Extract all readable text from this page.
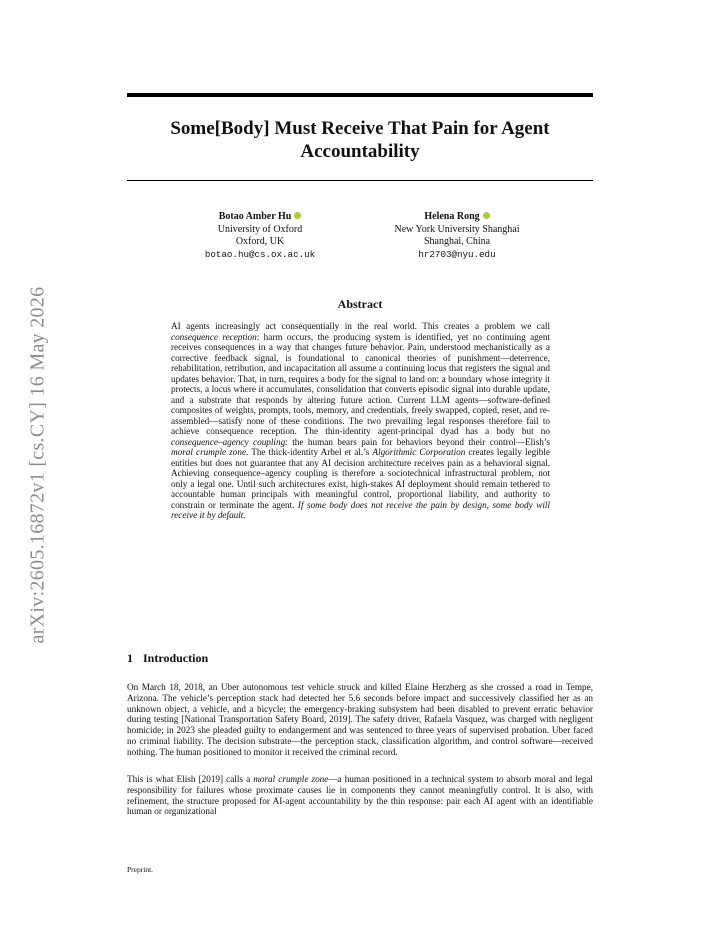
arXiv:2605.16872v1 [cs.CY] 16 May 2026
Some[Body] Must Receive That Pain for Agent Accountability
Botao Amber Hu
University of Oxford
Oxford, UK
botao.hu@cs.ox.ac.uk
Helena Rong
New York University Shanghai
Shanghai, China
hr2703@nyu.edu
Abstract
AI agents increasingly act consequentially in the real world. This creates a problem we call consequence reception: harm occurs, the producing system is identified, yet no continuing agent receives consequences in a way that changes future behavior. Pain, understood mechanistically as a corrective feedback signal, is foundational to canonical theories of punishment—deterrence, rehabilitation, retribution, and incapacitation all assume a continuing locus that registers the signal and updates behavior. That, in turn, requires a body for the signal to land on: a boundary whose integrity it protects, a locus where it accumulates, consolidation that converts episodic signal into durable update, and a substrate that responds by altering future action. Current LLM agents—software-defined composites of weights, prompts, tools, memory, and credentials, freely swapped, copied, reset, and re-assembled—satisfy none of these conditions. The two prevailing legal responses therefore fail to achieve consequence reception. The thin-identity agent-principal dyad has a body but no consequence–agency coupling: the human bears pain for behaviors beyond their control—Elish’s moral crumple zone. The thick-identity Arbel et al.’s Algorithmic Corporation creates legally legible entities but does not guarantee that any AI decision architecture receives pain as a behavioral signal. Achieving consequence–agency coupling is therefore a sociotechnical infrastructural problem, not only a legal one. Until such architectures exist, high-stakes AI deployment should remain tethered to accountable human principals with meaningful control, proportional liability, and authority to constrain or terminate the agent. If some body does not receive the pain by design, some body will receive it by default.
1 Introduction
On March 18, 2018, an Uber autonomous test vehicle struck and killed Elaine Herzberg as she crossed a road in Tempe, Arizona. The vehicle’s perception stack had detected her 5.6 seconds before impact and successively classified her as an unknown object, a vehicle, and a bicycle; the emergency-braking subsystem had been disabled to prevent erratic behavior during testing [National Transportation Safety Board, 2019]. The safety driver, Rafaela Vasquez, was charged with negligent homicide; in 2023 she pleaded guilty to endangerment and was sentenced to three years of supervised probation. Uber faced no criminal liability. The decision substrate—the perception stack, classification algorithm, and control software—received nothing. The human positioned to monitor it received the criminal record.
This is what Elish [2019] calls a moral crumple zone—a human positioned in a technical system to absorb moral and legal responsibility for failures whose proximate causes lie in components they cannot meaningfully control. It is also, with refinement, the structure proposed for AI-agent accountability by the thin response: pair each AI agent with an identifiable human or organizational
Preprint.
